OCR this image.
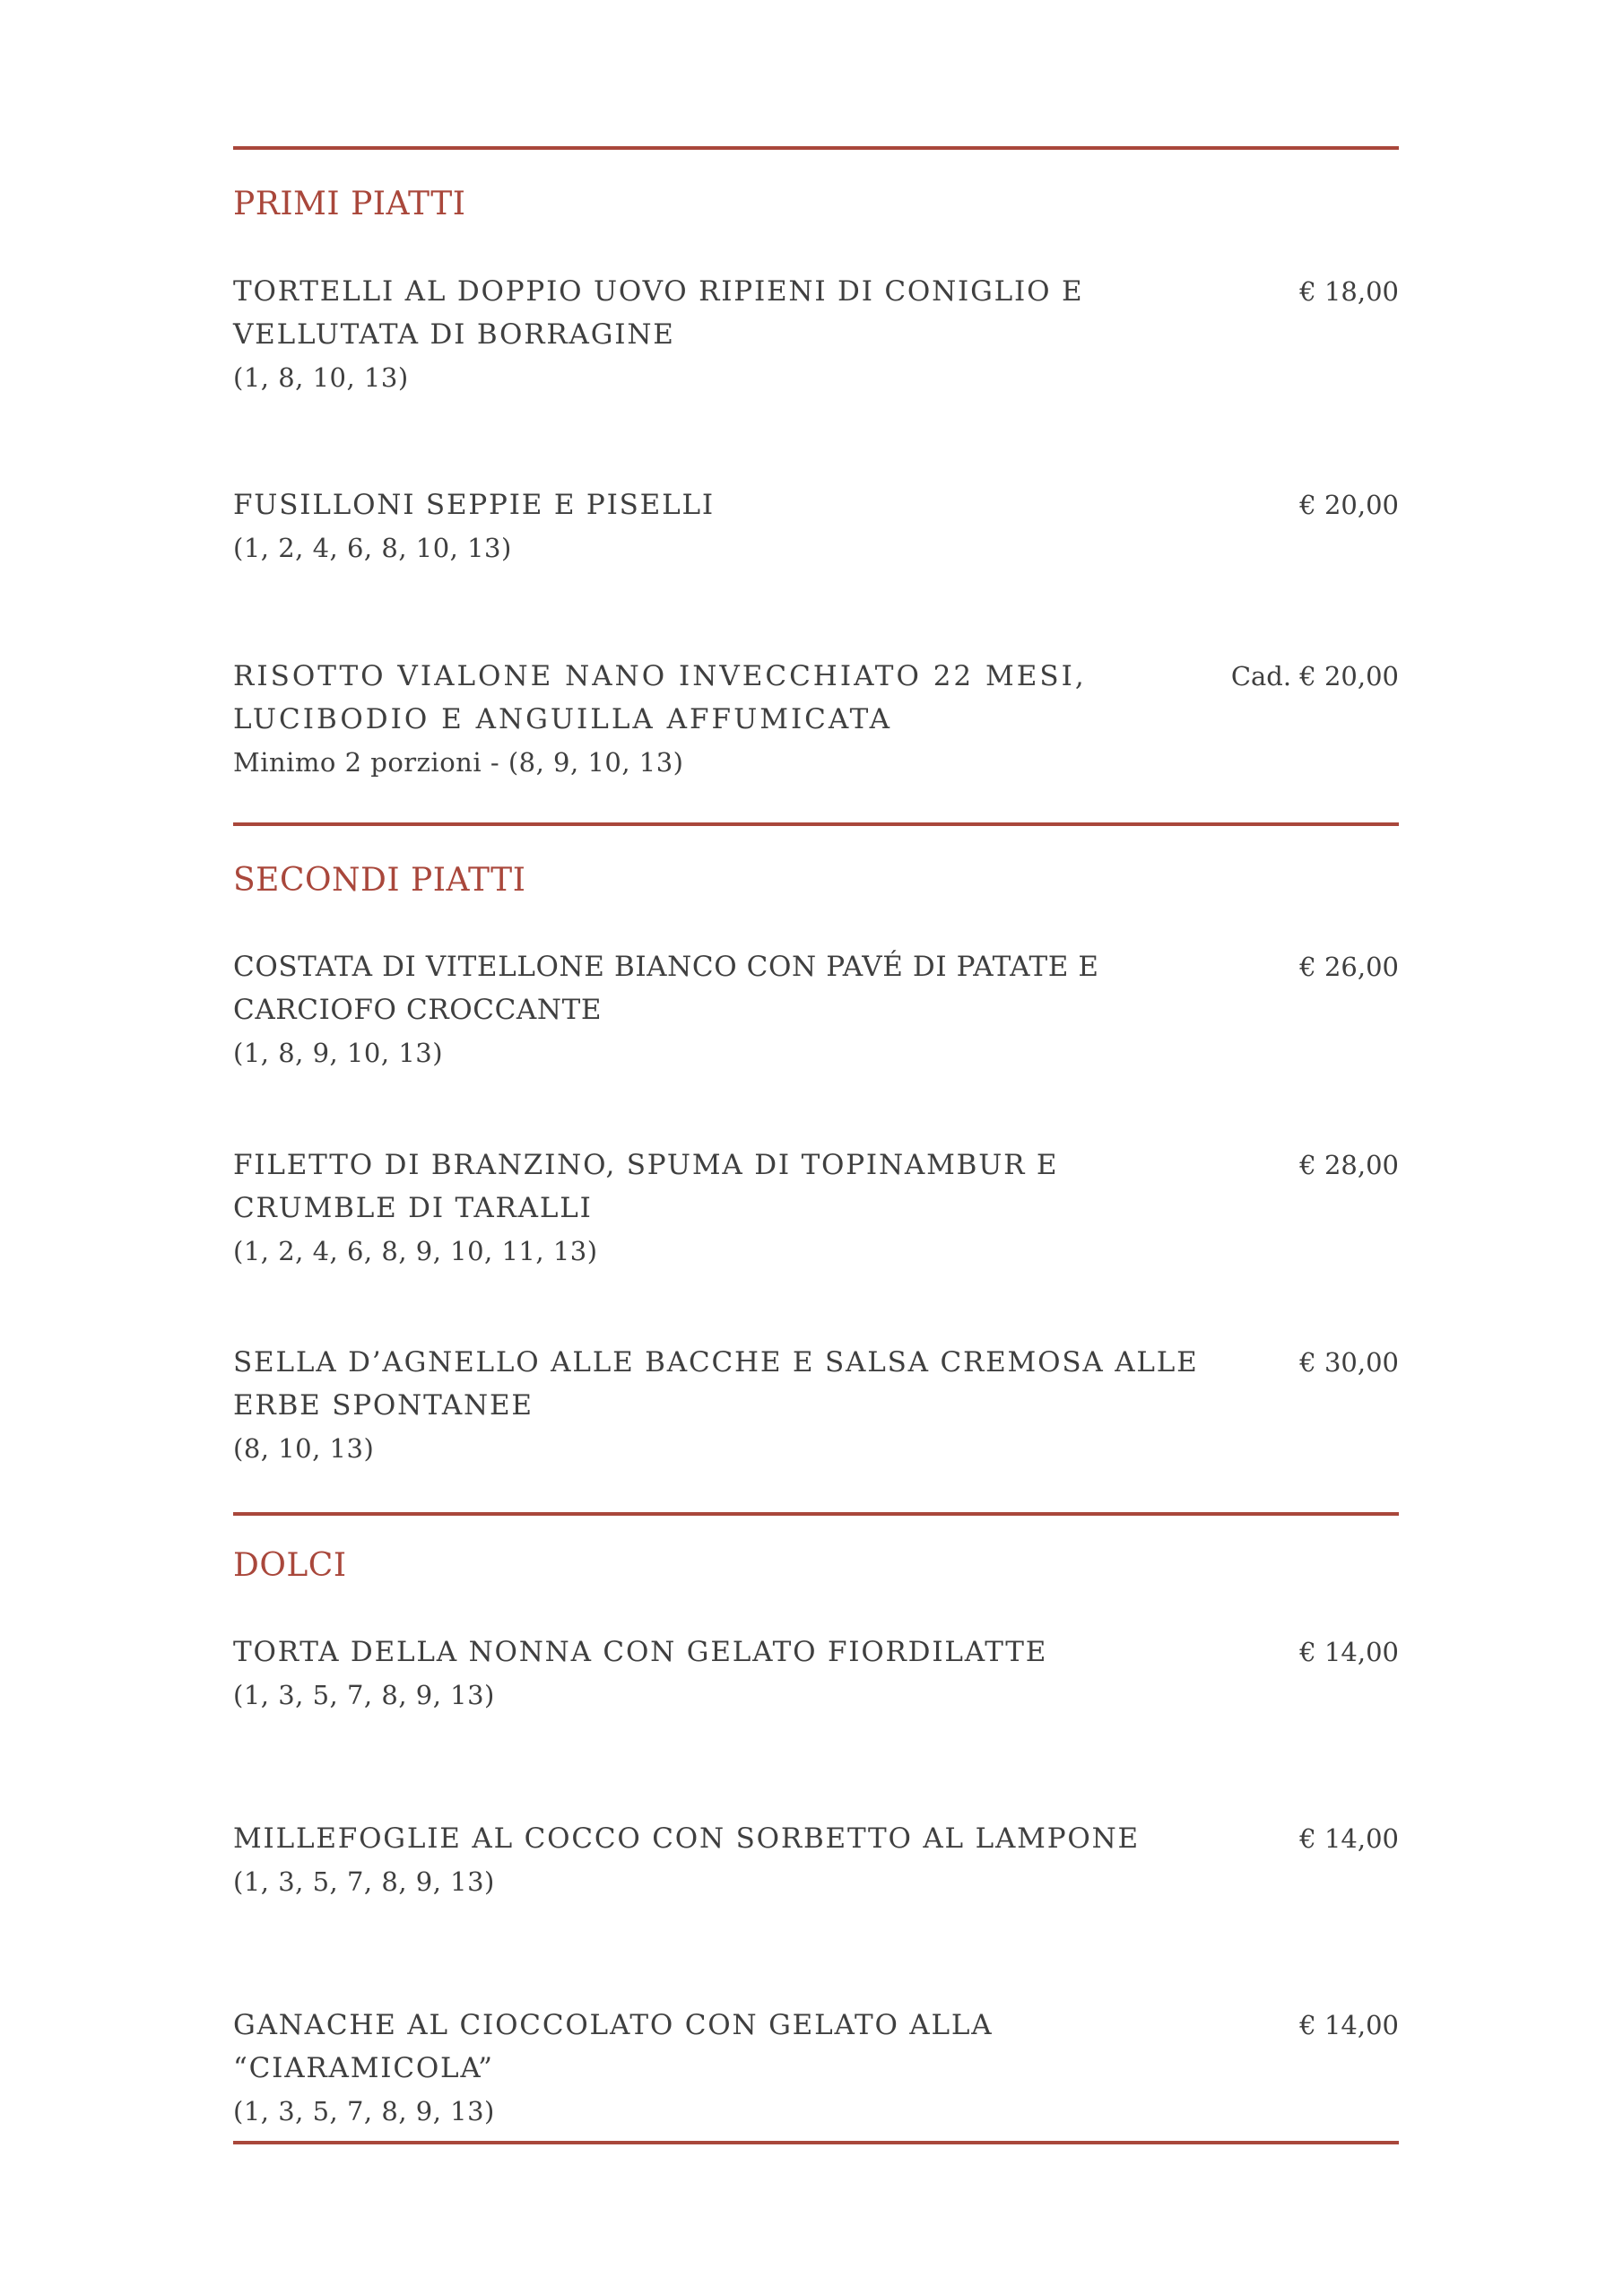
PRIMI PIATTI
TORTELLI AL DOPPIO UOVO RIPIENI DI CONIGLIO E VELLUTATA DI BORRAGINE
(1, 8, 10, 13)
€ 18,00
FUSILLONI SEPPIE E PISELLI
(1, 2, 4, 6, 8, 10, 13)
€ 20,00
RISOTTO VIALONE NANO INVECCHIATO 22 MESI, LUCIBODIO E ANGUILLA AFFUMICATA
Minimo 2 porzioni - (8, 9, 10, 13)
Cad. € 20,00
SECONDI PIATTI
COSTATA DI VITELLONE BIANCO CON PAVÉ DI PATATE E CARCIOFO CROCCANTE
(1, 8, 9, 10, 13)
€ 26,00
FILETTO DI BRANZINO, SPUMA DI TOPINAMBUR E CRUMBLE DI TARALLI
(1, 2, 4, 6, 8, 9, 10, 11, 13)
€ 28,00
SELLA D’AGNELLO ALLE BACCHE E SALSA CREMOSA ALLE ERBE SPONTANEE
(8, 10, 13)
€ 30,00
DOLCI
TORTA DELLA NONNA CON GELATO FIORDILATTE
(1, 3, 5, 7, 8, 9, 13)
€ 14,00
MILLEFOGLIE AL COCCO CON SORBETTO AL LAMPONE
(1, 3, 5, 7, 8, 9, 13)
€ 14,00
GANACHE AL CIOCCOLATO CON GELATO ALLA “CIARAMICOLA”
(1, 3, 5, 7, 8, 9, 13)
€ 14,00
